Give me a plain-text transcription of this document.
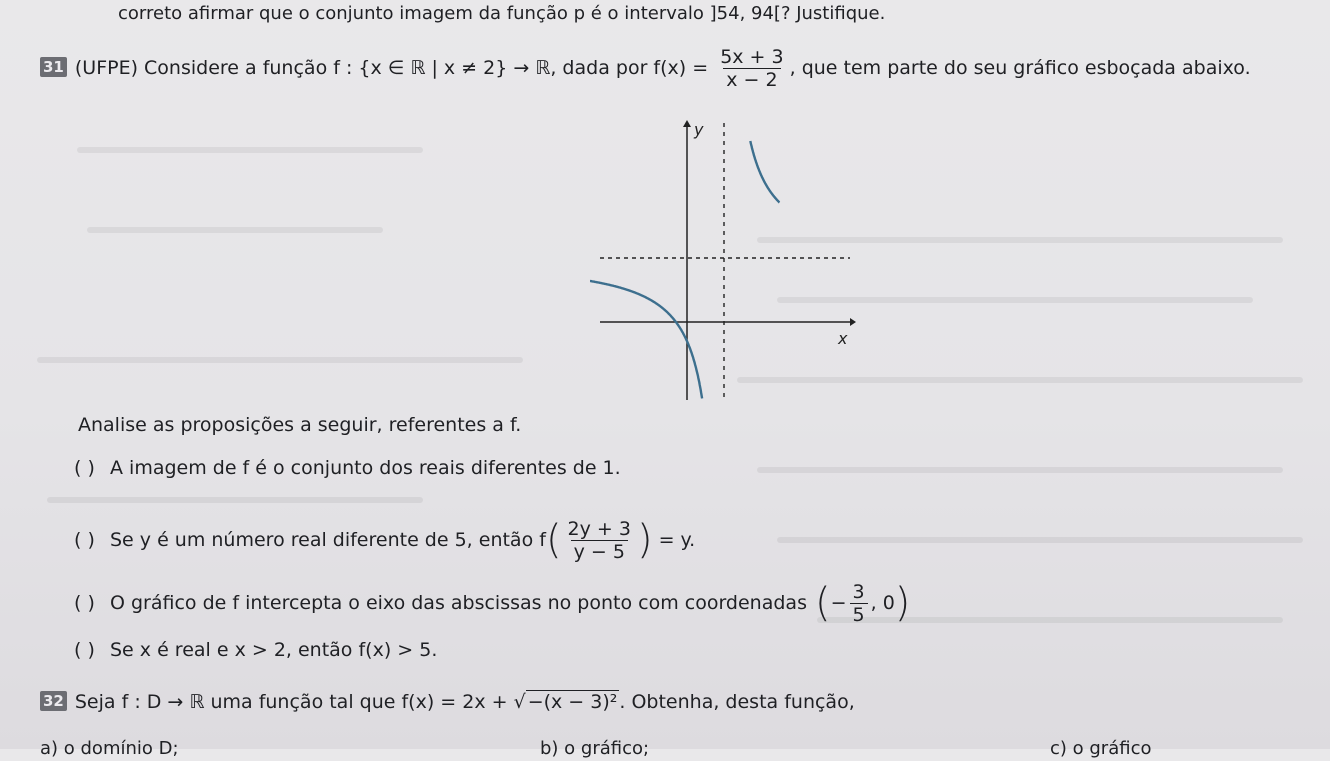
correto afirmar que o conjunto imagem da função p é o intervalo ]54, 94[? Justifique.
31 (UFPE) Considere a função f : {x ∈ ℝ | x ≠ 2} → ℝ, dada por $f(x) = \frac{5x + 3}{x - 2}$ , que tem parte do seu gráfico esboçada abaixo.
y
x
Analise as proposições a seguir, referentes a f.
( ) A imagem de f é o conjunto dos reais diferentes de 1.
( ) Se y é um número real diferente de 5, então f ( $\frac{2y + 3}{y - 5}$ ) = y.
( ) O gráfico de f intercepta o eixo das abscissas no ponto com coordenadas ( − $\frac{3}{5}$ , 0 )
( ) Se x é real e x > 2, então f(x) > 5.
32 Seja f : D → ℝ uma função tal que f(x) = 2x + √ −(x − 3)² . Obtenha, desta função,
a) o domínio D;	b) o gráfico;	c) o gráfico
